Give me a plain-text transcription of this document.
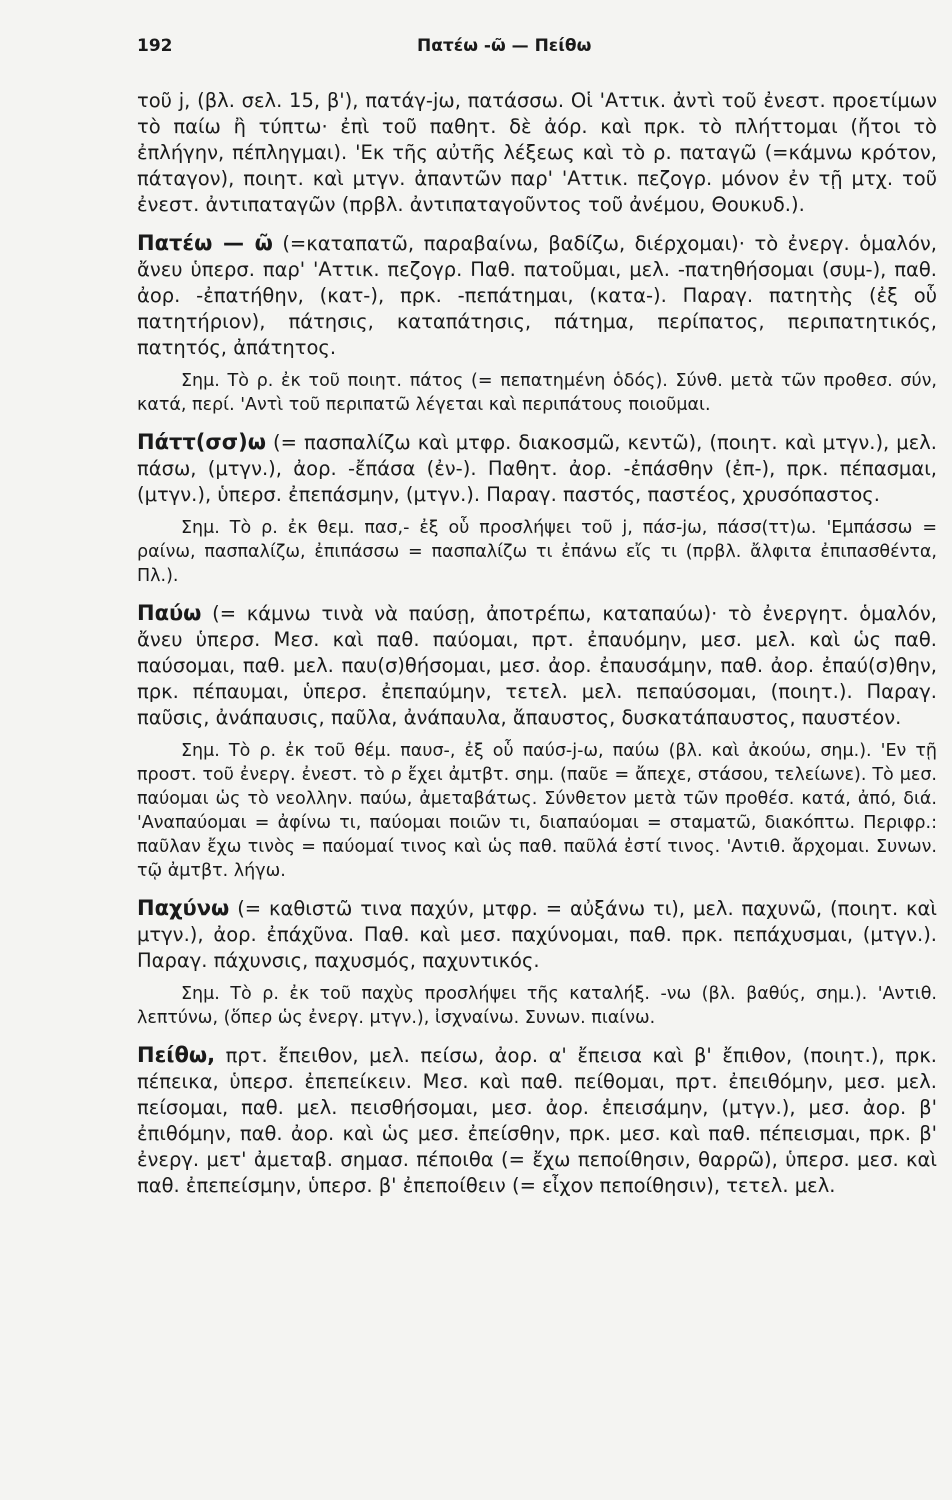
192	Πατέω -ῶ — Πείθω

τοῦ j, (βλ. σελ. 15, β'), πατάγ-jω, πατάσσω. Οἱ 'Αττικ. ἀντὶ τοῦ ἐνεστ. προετίμων τὸ παίω ἢ τύπτω· ἐπὶ τοῦ παθητ. δὲ ἀόρ. καὶ πρκ. τὸ πλήττομαι (ἤτοι τὸ ἐπλήγην, πέπληγμαι). 'Εκ τῆς αὐτῆς λέξεως καὶ τὸ ρ. παταγῶ (=κάμνω κρότον, πάταγον), ποιητ. καὶ μτγν. ἀπαντῶν παρ' 'Αττικ. πεζογρ. μόνον ἐν τῇ μτχ. τοῦ ἐνεστ. ἀντιπαταγῶν (πρβλ. ἀντιπαταγοῦντος τοῦ ἀνέμου, Θουκυδ.).

Πατέω — ῶ (=καταπατῶ, παραβαίνω, βαδίζω, διέρχομαι)· τὸ ἐνεργ. ὁμαλόν, ἄνευ ὑπερσ. παρ' 'Αττικ. πεζογρ. Παθ. πατοῦμαι, μελ. -πατηθήσομαι (συμ-), παθ. ἀορ. -ἐπατήθην, (κατ-), πρκ. -πεπάτημαι, (κατα-). Παραγ. πατητὴς (ἐξ οὗ πατητήριον), πάτησις, καταπάτησις, πάτημα, περίπατος, περιπατητικός, πατητός, ἀπάτητος.

Σημ. Τὸ ρ. ἐκ τοῦ ποιητ. πάτος (= πεπατημένη ὁδός). Σύνθ. μετὰ τῶν προθεσ. σύν, κατά, περί. 'Αντὶ τοῦ περιπατῶ λέγεται καὶ περιπάτους ποιοῦμαι.

Πάττ(σσ)ω (= πασπαλίζω καὶ μτφρ. διακοσμῶ, κεντῶ), (ποιητ. καὶ μτγν.), μελ. πάσω, (μτγν.), ἀορ. -ἔπάσα (ἐν-). Παθητ. ἀορ. -ἐπάσθην (ἐπ-), πρκ. πέπασμαι, (μτγν.), ὑπερσ. ἐπεπάσμην, (μτγν.). Παραγ. παστός, παστέος, χρυσόπαστος.

Σημ. Τὸ ρ. ἐκ θεμ. πασ,- ἐξ οὗ προσλήψει τοῦ j, πάσ-jω, πάσσ(ττ)ω. 'Εμπάσσω = ραίνω, πασπαλίζω, ἐπιπάσσω = πασπαλίζω τι ἐπάνω εἴς τι (πρβλ. ἄλφιτα ἐπιπασθέντα, Πλ.).

Παύω (= κάμνω τινὰ νὰ παύσῃ, ἀποτρέπω, καταπαύω)· τὸ ἐνεργητ. ὁμαλόν, ἄνευ ὑπερσ. Μεσ. καὶ παθ. παύομαι, πρτ. ἐπαυόμην, μεσ. μελ. καὶ ὡς παθ. παύσομαι, παθ. μελ. παυ(σ)θήσομαι, μεσ. ἀορ. ἐπαυσάμην, παθ. ἀορ. ἐπαύ(σ)θην, πρκ. πέπαυμαι, ὑπερσ. ἐπεπαύμην, τετελ. μελ. πεπαύσομαι, (ποιητ.). Παραγ. παῦσις, ἀνάπαυσις, παῦλα, ἀνάπαυλα, ἄπαυστος, δυσκατάπαυστος, παυστέον.

Σημ. Τὸ ρ. ἐκ τοῦ θέμ. παυσ-, ἐξ οὗ παύσ-j-ω, παύω (βλ. καὶ ἀκούω, σημ.). 'Εν τῇ προστ. τοῦ ἐνεργ. ἐνεστ. τὸ ρ ἔχει ἀμτβτ. σημ. (παῦε = ἄπεχε, στάσου, τελείωνε). Τὸ μεσ. παύομαι ὡς τὸ νεολλην. παύω, ἀμεταβάτως. Σύνθετον μετὰ τῶν προθέσ. κατά, ἀπό, διά. 'Αναπαύομαι = ἀφίνω τι, παύομαι ποιῶν τι, διαπαύομαι = σταματῶ, διακόπτω. Περιφρ.: παῦλαν ἔχω τινὸς = παύομαί τινος καὶ ὡς παθ. παῦλά ἐστί τινος. 'Αντιθ. ἄρχομαι. Συνων. τῷ ἀμτβτ. λήγω.

Παχύνω (= καθιστῶ τινα παχύν, μτφρ. = αὐξάνω τι), μελ. παχυνῶ, (ποιητ. καὶ μτγν.), ἀορ. ἐπάχῦνα. Παθ. καὶ μεσ. παχύνομαι, παθ. πρκ. πεπάχυσμαι, (μτγν.). Παραγ. πάχυνσις, παχυσμός, παχυντικός.

Σημ. Τὸ ρ. ἐκ τοῦ παχὺς προσλήψει τῆς καταλήξ. -νω (βλ. βαθύς, σημ.). 'Αντιθ. λεπτύνω, (ὅπερ ὡς ἐνεργ. μτγν.), ἰσχναίνω. Συνων. πιαίνω.

Πείθω, πρτ. ἔπειθον, μελ. πείσω, ἀορ. α' ἔπεισα καὶ β' ἔπιθον, (ποιητ.), πρκ. πέπεικα, ὑπερσ. ἐπεπείκειν. Μεσ. καὶ παθ. πείθομαι, πρτ. ἐπειθόμην, μεσ. μελ. πείσομαι, παθ. μελ. πεισθήσομαι, μεσ. ἀορ. ἐπεισάμην, (μτγν.), μεσ. ἀορ. β' ἐπιθόμην, παθ. ἀορ. καὶ ὡς μεσ. ἐπείσθην, πρκ. μεσ. καὶ παθ. πέπεισμαι, πρκ. β' ἐνεργ. μετ' ἀμεταβ. σημασ. πέποιθα (= ἔχω πεποίθησιν, θαρρῶ), ὑπερσ. μεσ. καὶ παθ. ἐπεπείσμην, ὑπερσ. β' ἐπεποίθειν (= εἶχον πεποίθησιν), τετελ. μελ.
